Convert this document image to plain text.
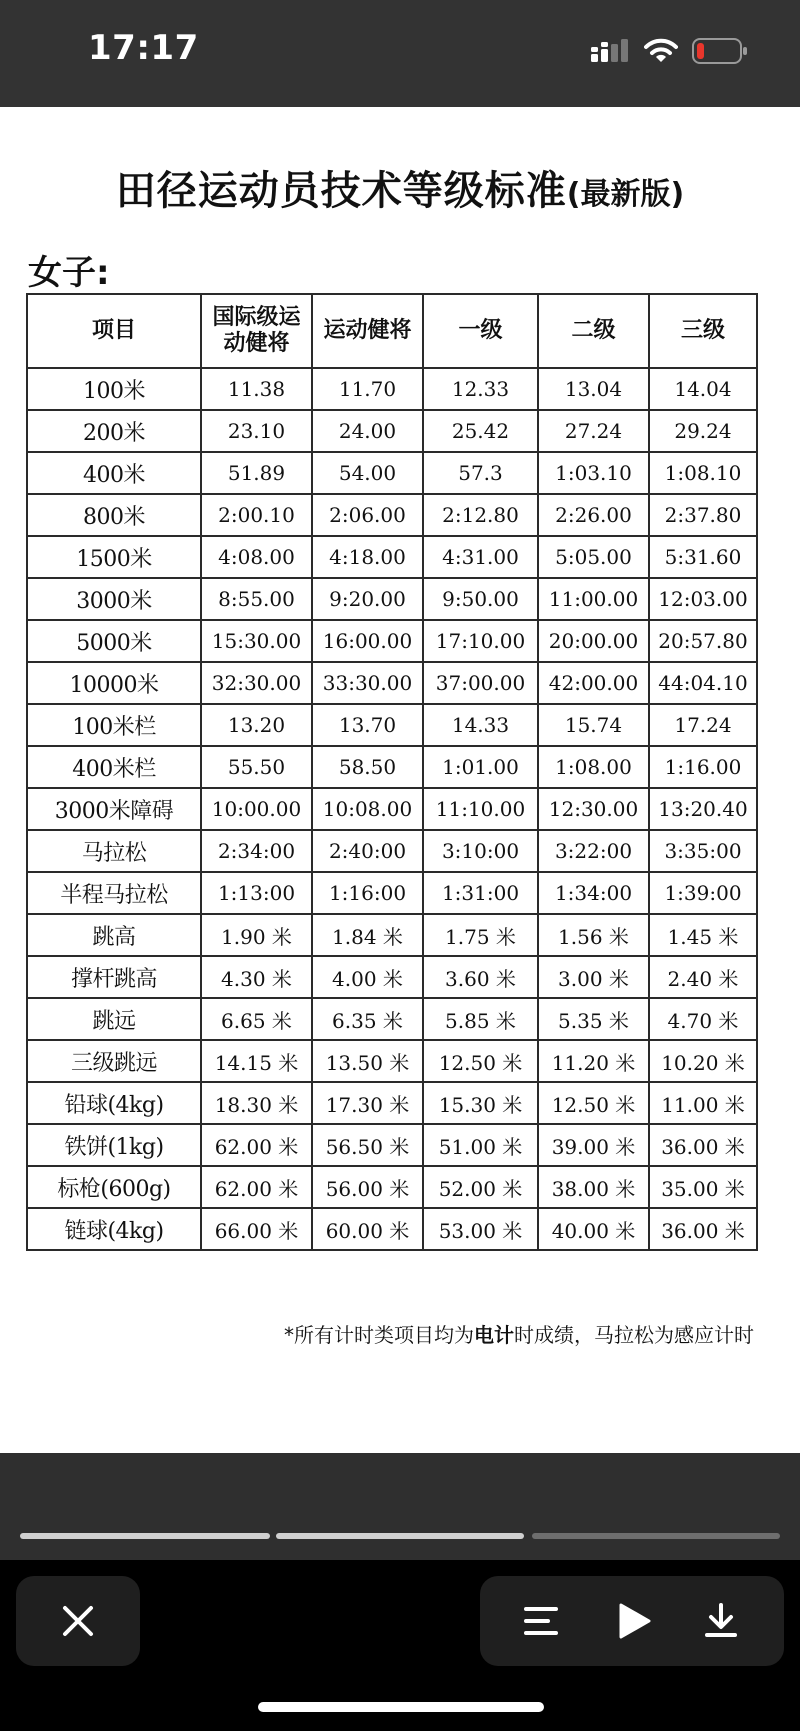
17:17
田径运动员技术等级标准(最新版)
女子:
项目	国际级运动健将	运动健将	一级	二级	三级
100米	11.38	11.70	12.33	13.04	14.04
200米	23.10	24.00	25.42	27.24	29.24
400米	51.89	54.00	57.3	1:03.10	1:08.10
800米	2:00.10	2:06.00	2:12.80	2:26.00	2:37.80
1500米	4:08.00	4:18.00	4:31.00	5:05.00	5:31.60
3000米	8:55.00	9:20.00	9:50.00	11:00.00	12:03.00
5000米	15:30.00	16:00.00	17:10.00	20:00.00	20:57.80
10000米	32:30.00	33:30.00	37:00.00	42:00.00	44:04.10
100米栏	13.20	13.70	14.33	15.74	17.24
400米栏	55.50	58.50	1:01.00	1:08.00	1:16.00
3000米障碍	10:00.00	10:08.00	11:10.00	12:30.00	13:20.40
马拉松	2:34:00	2:40:00	3:10:00	3:22:00	3:35:00
半程马拉松	1:13:00	1:16:00	1:31:00	1:34:00	1:39:00
跳高	1.90 米	1.84 米	1.75 米	1.56 米	1.45 米
撑杆跳高	4.30 米	4.00 米	3.60 米	3.00 米	2.40 米
跳远	6.65 米	6.35 米	5.85 米	5.35 米	4.70 米
三级跳远	14.15 米	13.50 米	12.50 米	11.20 米	10.20 米
铅球(4kg)	18.30 米	17.30 米	15.30 米	12.50 米	11.00 米
铁饼(1kg)	62.00 米	56.50 米	51.00 米	39.00 米	36.00 米
标枪(600g)	62.00 米	56.00 米	52.00 米	38.00 米	35.00 米
链球(4kg)	66.00 米	60.00 米	53.00 米	40.00 米	36.00 米
*所有计时类项目均为电计时成绩，马拉松为感应计时
